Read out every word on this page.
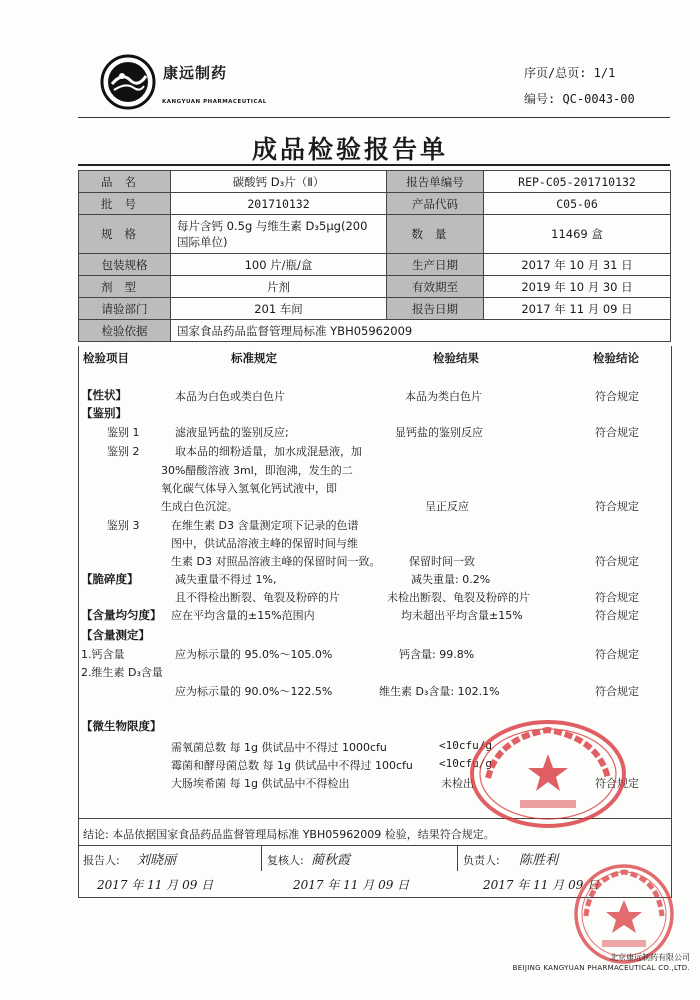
康远制药
KANGYUAN PHARMACEUTICAL
序页/总页: 1/1
编号: QC-0043-00
成品检验报告单
品名	碳酸钙 D₃片（Ⅱ）	报告单编号	REP-C05-201710132
批号	201710132	产品代码	C05-06
规格	每片含钙 0.5g 与维生素 D₃5μg(200
国际单位)	数量	11469 盒
包装规格	100 片/瓶/盒	生产日期	2017 年 10 月 31 日
剂型	片剂	有效期至	2019 年 10 月 30 日
请验部门	201 车间	报告日期	2017 年 11 月 09 日
检验依据	国家食品药品监督管理局标准 YBH05962009		
检验项目	标准规定	检验结果	检验结论
【性状】	本品为白色或类白色片	本品为类白色片	符合规定
【鉴别】
鉴别 1	滤液显钙盐的鉴别反应;	显钙盐的鉴别反应	符合规定
鉴别 2	取本品的细粉适量，加水成混悬液，加
30%醋酸溶液 3ml，即泡沸，发生的二
氧化碳气体导入氢氧化钙试液中，即
生成白色沉淀。	呈正反应	符合规定
鉴别 3	在维生素 D3 含量测定项下记录的色谱
图中，供试品溶液主峰的保留时间与维
生素 D3 对照品溶液主峰的保留时间一致。	保留时间一致	符合规定
【脆碎度】	减失重量不得过 1%,	减失重量: 0.2%
且不得检出断裂、龟裂及粉碎的片	未检出断裂、龟裂及粉碎的片	符合规定
【含量均匀度】 应在平均含量的±15%范围内	均未超出平均含量±15%	符合规定
【含量测定】
1.钙含量	应为标示量的 95.0%～105.0%	钙含量: 99.8%	符合规定
2.维生素 D₃含量
应为标示量的 90.0%～122.5%	维生素 D₃含量: 102.1%	符合规定
【微生物限度】
需氧菌总数 每 1g 供试品中不得过 1000cfu	<10cfu/g
霉菌和酵母菌总数 每 1g 供试品中不得过 100cfu <10cfu/g
大肠埃希菌 每 1g 供试品中不得检出	未检出	符合规定
结论: 本品依据国家食品药品监督管理局标准 YBH05962009 检验，结果符合规定。
报告人: 刘晓丽	复核人: 蔺秋霞	负责人: 陈胜利
2017 年 11 月 09 日	2017 年 11 月 09 日	2017 年 11 月 09 日
北京康远制药有限公司
BEIJING KANGYUAN PHARMACEUTICAL CO.,LTD.
